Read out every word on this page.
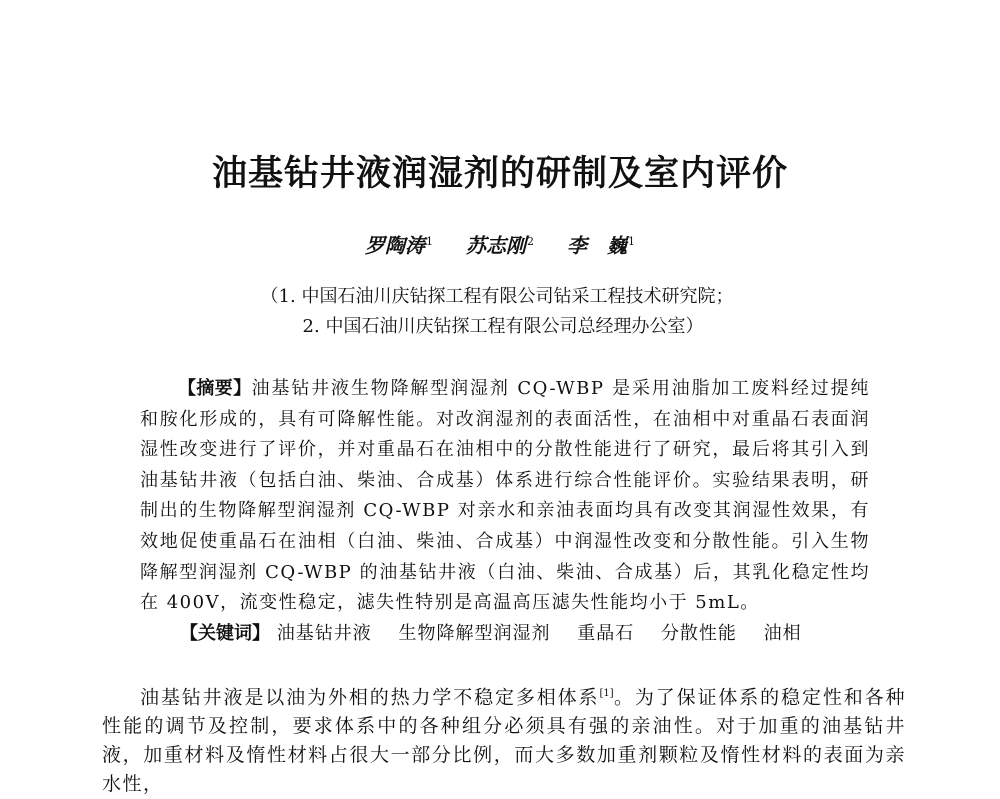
油基钻井液润湿剂的研制及室内评价
罗陶涛$^1$ 苏志刚$^2$ 李　巍$^1$
（1. 中国石油川庆钻探工程有限公司钻采工程技术研究院；
2. 中国石油川庆钻探工程有限公司总经理办公室）

【摘要】油基钻井液生物降解型润湿剂 CQ-WBP 是采用油脂加工废料经过提纯和胺化形成的，具有可降解性能。对改润湿剂的表面活性，在油相中对重晶石表面润湿性改变进行了评价，并对重晶石在油相中的分散性能进行了研究，最后将其引入到油基钻井液（包括白油、柴油、合成基）体系进行综合性能评价。实验结果表明，研制出的生物降解型润湿剂 CQ-WBP 对亲水和亲油表面均具有改变其润湿性效果，有效地促使重晶石在油相（白油、柴油、合成基）中润湿性改变和分散性能。引入生物降解型润湿剂 CQ-WBP 的油基钻井液（白油、柴油、合成基）后，其乳化稳定性均在 400V，流变性稳定，滤失性特别是高温高压滤失性能均小于 5mL。

【关键词】 油基钻井液 生物降解型润湿剂 重晶石 分散性能 油相

油基钻井液是以油为外相的热力学不稳定多相体系[1]。为了保证体系的稳定性和各种性能的调节及控制，要求体系中的各种组分必须具有强的亲油性。对于加重的油基钻井液，加重材料及惰性材料占很大一部分比例，而大多数加重剂颗粒及惰性材料的表面为亲水性，
